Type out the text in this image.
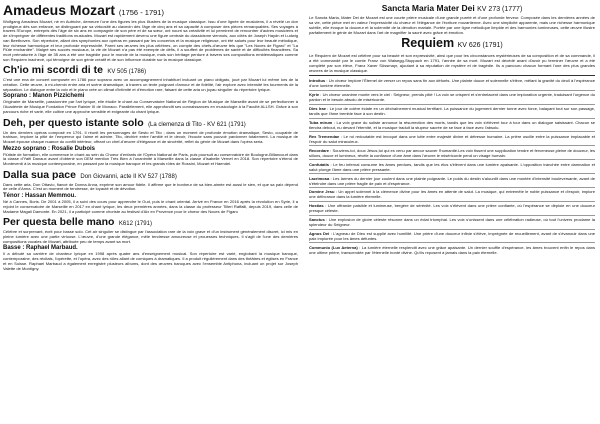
Amadeus Mozart (1756 - 1791)

Wolfgang Amadeus Mozart, né en Autriche, demeure l'une des figures les plus illustres de la musique classique. Issu d'une lignée de musiciens, il a révélé un don prodigieux dès son enfance, se distinguant par sa virtuosité au clavecin dès l'âge de cinq ans et sa capacité à composer des pièces remarquables. Ses voyages à travers l'Europe, entrepris dès l'âge de six ans en compagnie de son père et de sa sœur, ont nourri sa créativité et lui permirent de rencontrer d'autres musiciens et de s'imprégner de différentes traditions musicales. Mozart est rapidement devenu une figure centrale du classicisme viennois, aux côtés de Joseph Haydn et Ludwig van Beethoven. Son répertoire, allant des symphonies aux opéras en passant par les concertos et la musique religieuse, ont été salués pour leur beauté mélodique, leur richesse harmonique et leur profonde expressivité. Parmi ses œuvres les plus célèbres, on compte des chefs-d'œuvre tels que "Les Noces de Figaro" et "La Flûte enchantée". Malgré ses succès musicaux, la vie de Mozart n'a pas été exempte de défis, il a souffert de problèmes de santé et de difficultés financières. Sa mort prématurée à l'âge de 35 ans a été une tragédie pour le monde de la musique, mais son héritage perdure à travers ses compositions emblématiques comme son Requiem inachevé, qui témoigne de son génie créatif et de son influence durable sur la musique classique.

Ch'io mi scordi di te KV 505 (1786)

C'est une ena de concert composée en 1786 pour soprano avec un accompagnement inhabituel incluant un piano obligato, joué par Mozart lui même lors de la création. Cette œuvre, à mi-chemin entre aria et scène dramatique, à travers un texte poignant d'amour et de fidélité, l'air explore avec intensité les tourments de la séparation. Le dialogue entre la voix et le piano crée un climat d'intimité et d'émotion rare, faisant de cette aria un joyau singulier du répertoire lyrique.

Soprano : Manon Pizzichemi

Originaire de Marseille, passionnée par l'art lyrique, elle étudie le chant au Conservatoire National de Région de Musique de Marseille avant de se perfectionner à l'Académie de Musique Fondation Prince Rainier III de Monaco. Parallèlement, elle approfondit ses connaissances en musicologie à la Faculté ALLSH. Grâce à son parcours riche et varié, elle cultive une approche sensible et exigeante du chant lyrique.

Deh, per questo istante solo (La clemenza di Tito - KV 621 (1791)

Un des derniers opéras composé en 1791. Il réunit les personnages de Sesto et Tito ; dans un moment de profonde émotion dramatique, Sesto, coupable de trahison, implore la pitié de l'empereur qui l'aime et admire. Tito, déchiré entre l'amitié et le devoir, l'écoute sans pouvoir pardonner totalement. La musique de Mozart épouse chaque nuance du conflit intérieur, offrant un chef-d'œuvre d'élégance et de sincérité, reflet du génie de Mozart dans l'opéra seria.

Mezzo soprano : Rosalie Dubois

Flûtiste de formation, elle commence le chant au sein du Choeur d'enfants de l'Opéra National de Paris, puis poursuit au conservatoire de Boulogne-Billancourt dans la classe d'Yaël Danaux avant d'obtenir son DEM mention Très Bien à l'unanimité à Marseille dans la classe d'Isabelle Vernet en 2018. Son répertoire s'étend de Monteverdi à la musique contemporaine, en passant par la musique baroque et les grands rôles de Rossini, Mozart et Haendel.

Dalla sua pace Don Giovanni, acte II KV 527 (1788)

Dans cette aria, Don Ottavio, fiancé de Donna Anna, exprime son amour fidèle. Il affirme que le bonheur de sa bien-aimée est aussi le sien, et que sa paix dépend de celle d'Anna. C'est un moment de tendresse, de loyauté et de dévotion.

Ténor : Hassan Memmou.

Né à Cannes, Boris. De 2001 à 2005, il a suivi des cours pour apprendre le Oud, puis le chant oriental. Arrivé en France en 2016 après la révolution en Syrie, il a rejoint le conservatoire de Marseille en 2017 en chant lyrique, les deux premières années, dans la classe du professeur Tilleri Raffalli, depuis 2019, dans celle de Madame Magali Damonte. En 2021, il a participé comme choriste au festival d'Aix en Provence pour le chœur des Noces de Figaro

Per questa belle mano K612 (1791)

Célèbre et surprenant, écrit pour basse solo. Cet air singulier se distingue par l'association rare de la voix grave et d'un instrument généralement discret, ici mis en pleine lumière avec une partie virtuose. L'œuvre, d'une grande élégance, mêle tendresse amoureuse et prouesses techniques. Il s'agit de l'une des dernières compositions vocales de Mozart, attribuée peu de temps avant sa mort.

Basse : Raphael Marbaud.

Il a débuté sa carrière de chanteur lyrique en 1998 après quatre ans d'enseignement musical. Son répertoire est varié, englobant la musique baroque, contemporaine, des récitals, l'opérette, et l'opéra, avec des rôles allant de comiques à dramatiques. Il a produit régulièrement dans des théâtres et églises en France et en Suisse. Raphael Marbaud a également enregistré plusieurs albums, dont des œuvres baroques avec l'ensemble Antiphona, incluant un projet sur Joseph Valette de Montigny.

Sancta Maria Mater Dei KV 273 (1777)

Le Sancta Maria, Mater Dei de Mozart est une courte prière musicale d'une grande pureté et d'une profonde ferveur. Composée dans les dernières années de sa vie, cette pièce met en valeur l'expressivité du chœur et l'élégance de l'écriture mozartienne. Avec une simplicité apparente, mais une richesse harmonique subtile, elle évoque la douceur et la solennité de la dévotion mariale. Portée par une ligne mélodique limpide et des harmonies lumineuses, cette œuvre illustre parfaitement le génie de Mozart dans l'art de magnifier la sacré avec grâce et émotion.

Requiem KV 626 (1791)

Le Requiem de Mozart est célèbre pour sa beauté et son expressivité, ainsi que pour les circonstances mystérieuses de sa composition et de sa commande, il a été commandé par le comte Franz von Walsegg-Stuppach en 1791, l'année de sa mort. Mozart est décédé avant d'avoir pu terminer l'œuvre et a été complété par son élève, Franz Xaver Süssmayr, ajoutant à sa réputation de mystère et de tragédie. Ils a parcouru chacun formant l'une des plus grandes œuvres de la musique classique.

Introitus : Un chœur implore l'Éternel de verser un repos sans fin aux défunts. Une plainte douce et solennelle s'élève, mêlant la gravité du deuil à l'espérance d'une lumière éternelle.

Kyrie : Un chœur unanime monte vers le ciel : Seigneur, prends pitié ! La voix se crispent et s'entrelacent dans une imploration urgente, traduisant l'urgence du pardon et le besoin absolu de miséricorde.

Dies Irae : Le jour de colère éclate en un déchaînement musical terrifiant. La puissance du jugement dernier tonne avec force, balayant tout sur son passage, tandis que l'âme tremble face à son destin.

Tuba mirum : La voix grave du soliste annonce la résurrection des morts, tandis que les voix s'élèvent tour à tour dans un dialogue saisissant. Chacun se tiendra debout, nu devant l'éternité, et la musique traduit la stupeur sacrée de se face à face avec l'absolu.

Rex Tremendae : Le roi redoutable est invoqué dans une lutte entre majesté divine et détresse humaine. La prière oscille entre la puissance implacable et l'espoir du salut miraculeux.

Recordare : Souviens-toi, doux Jésus,toi qui es venu par amour sauver l'humanité.Les voix tissent une supplication tendre et ferveneuse,pleine de douceur, les sillons, douce et lumineux, révèle la confiance d'une âme dans l'œuvre le miséricorde pend un visage humain.

Confutatis : Le feu infernal consume les âmes perdues, tandis que les élus s'élèvent dans une lumière apaisante. L'opposition tranchée entre damnation et salut plonge l'âme dans une prière pressante.

Lacrimosa : Les larmes du dernier jour coulent dans une plainte poignante. Le poids du destin s'alourdit dans une montée d'intensité bouleversante, avant de s'éteindre dans une prière fragile de paix et d'espérance.

Domine Jesu : Un appel solennel à la clémence divine pour les âmes en attente de salut. La musique, qui entremêle le noble puissance et d'espoir, implore une délivrance dans la lumière éternelle.

Hostias : Une offrande paisible et lumineuse, bergère de sérénité. Les voix s'élèvent dans une prière confiante, où l'espérance se déploie en une douceur presque céleste.

Sanctus : Une explosion de gloire céleste résonne dans un éclat triomphal. Les voix s'unissent dans une célébration radieuse, où tout l'univers proclame la splendeur du Seigneur.

Agnus Dei : L'agneau de Dieu est supplié avec humilité. Une prière d'une douceur infinie s'élève, imprégnée de recueillement, avant de s'évanouir dans une paix implorée pour les âmes défuntes.

Communio (Lux Aeterna) : La lumière éternelle resplendit avec une grâce apaisante. Un dernier souffle d'espérance, les âmes trouvent enfin le repos dans une ultime prière, transcendée par l'éternelle bonté divine. Qu'ils reposent à jamais dans la paix éternelle.
